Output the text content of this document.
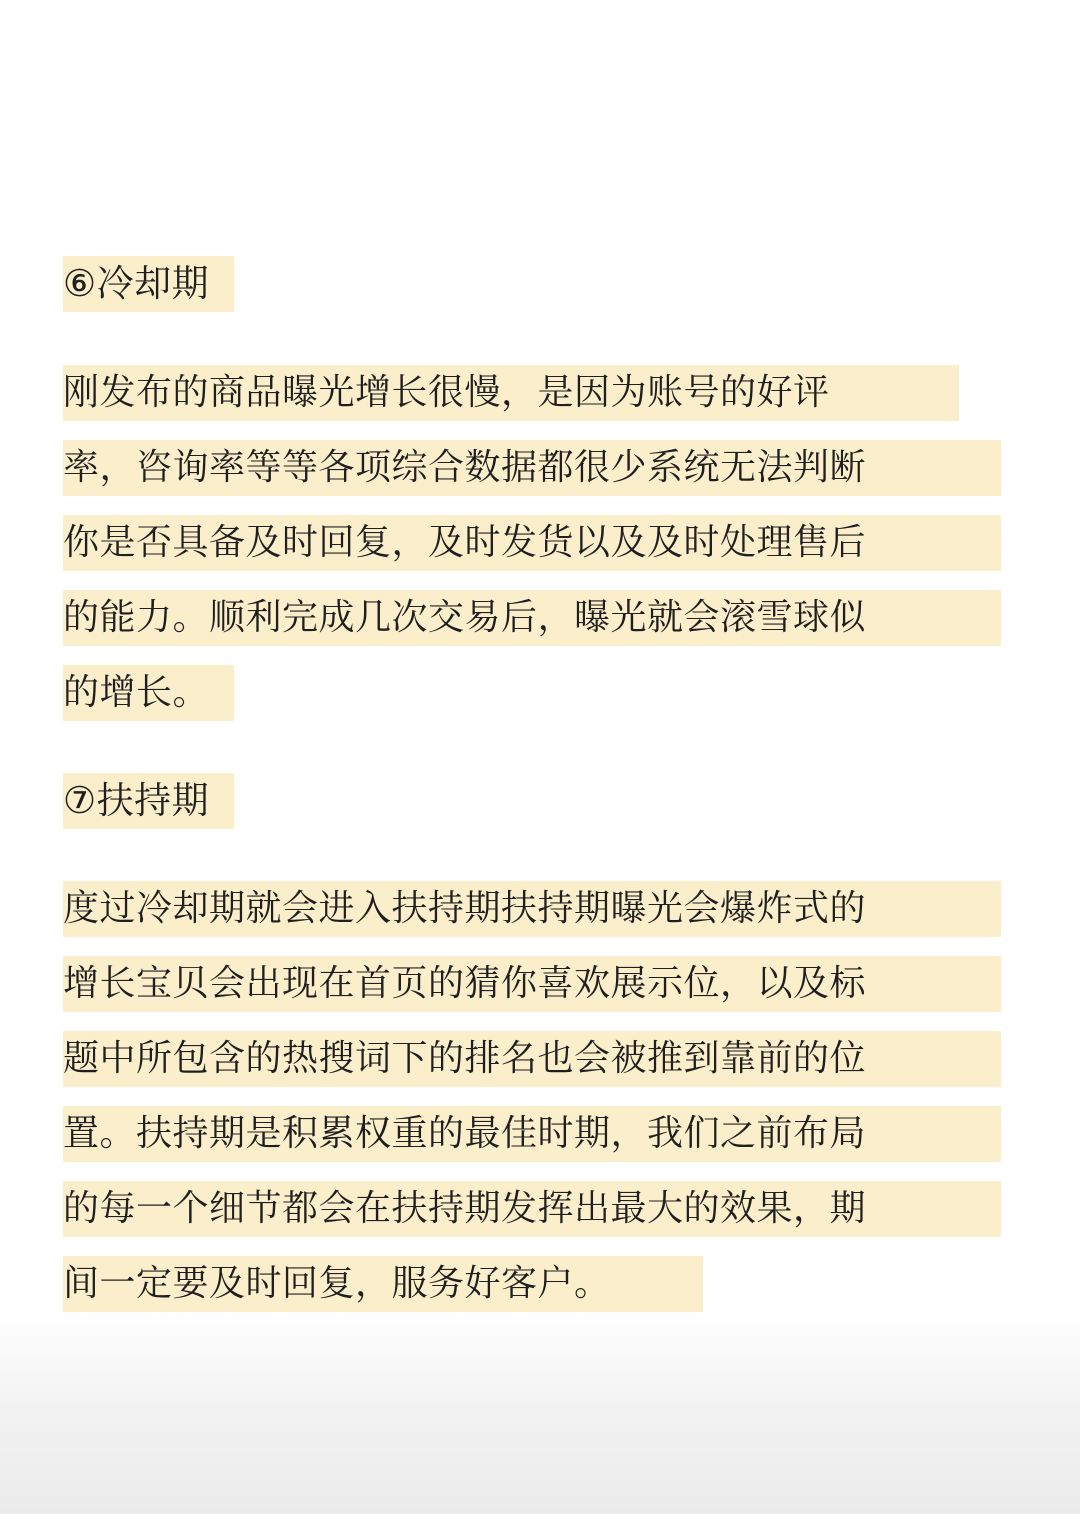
⑥冷却期
刚发布的商品曝光增长很慢，是因为账号的好评
率，咨询率等等各项综合数据都很少系统无法判断
你是否具备及时回复，及时发货以及及时处理售后
的能力。顺利完成几次交易后，曝光就会滚雪球似
的增长。
⑦扶持期
度过冷却期就会进入扶持期扶持期曝光会爆炸式的
增长宝贝会出现在首页的猜你喜欢展示位，以及标
题中所包含的热搜词下的排名也会被推到靠前的位
置。扶持期是积累权重的最佳时期，我们之前布局
的每一个细节都会在扶持期发挥出最大的效果，期
间一定要及时回复，服务好客户。
